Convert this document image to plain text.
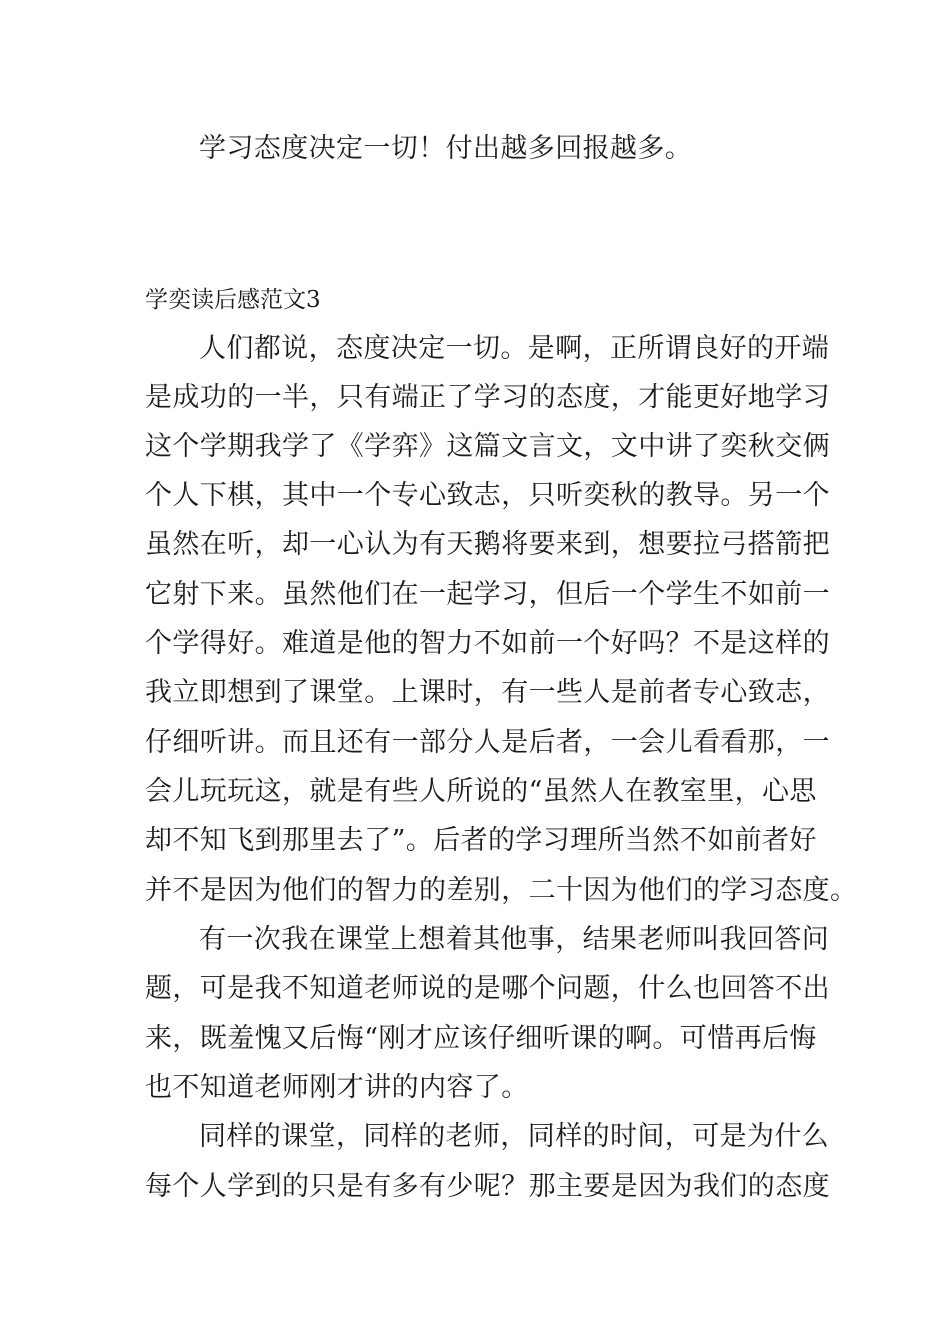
学习态度决定一切！付出越多回报越多。
学奕读后感范文3
人们都说，态度决定一切。是啊，正所谓良好的开端
是成功的一半，只有端正了学习的态度，才能更好地学习
这个学期我学了《学弈》这篇文言文，文中讲了奕秋交俩
个人下棋，其中一个专心致志，只听奕秋的教导。另一个
虽然在听，却一心认为有天鹅将要来到，想要拉弓搭箭把
它射下来。虽然他们在一起学习，但后一个学生不如前一
个学得好。难道是他的智力不如前一个好吗？不是这样的
我立即想到了课堂。上课时，有一些人是前者专心致志，
仔细听讲。而且还有一部分人是后者，一会儿看看那，一
会儿玩玩这，就是有些人所说的“虽然人在教室里，心思
却不知飞到那里去了”。后者的学习理所当然不如前者好
并不是因为他们的智力的差别，二十因为他们的学习态度。
有一次我在课堂上想着其他事，结果老师叫我回答问
题，可是我不知道老师说的是哪个问题，什么也回答不出
来，既羞愧又后悔“刚才应该仔细听课的啊。可惜再后悔
也不知道老师刚才讲的内容了。
同样的课堂，同样的老师，同样的时间，可是为什么
每个人学到的只是有多有少呢？那主要是因为我们的态度
